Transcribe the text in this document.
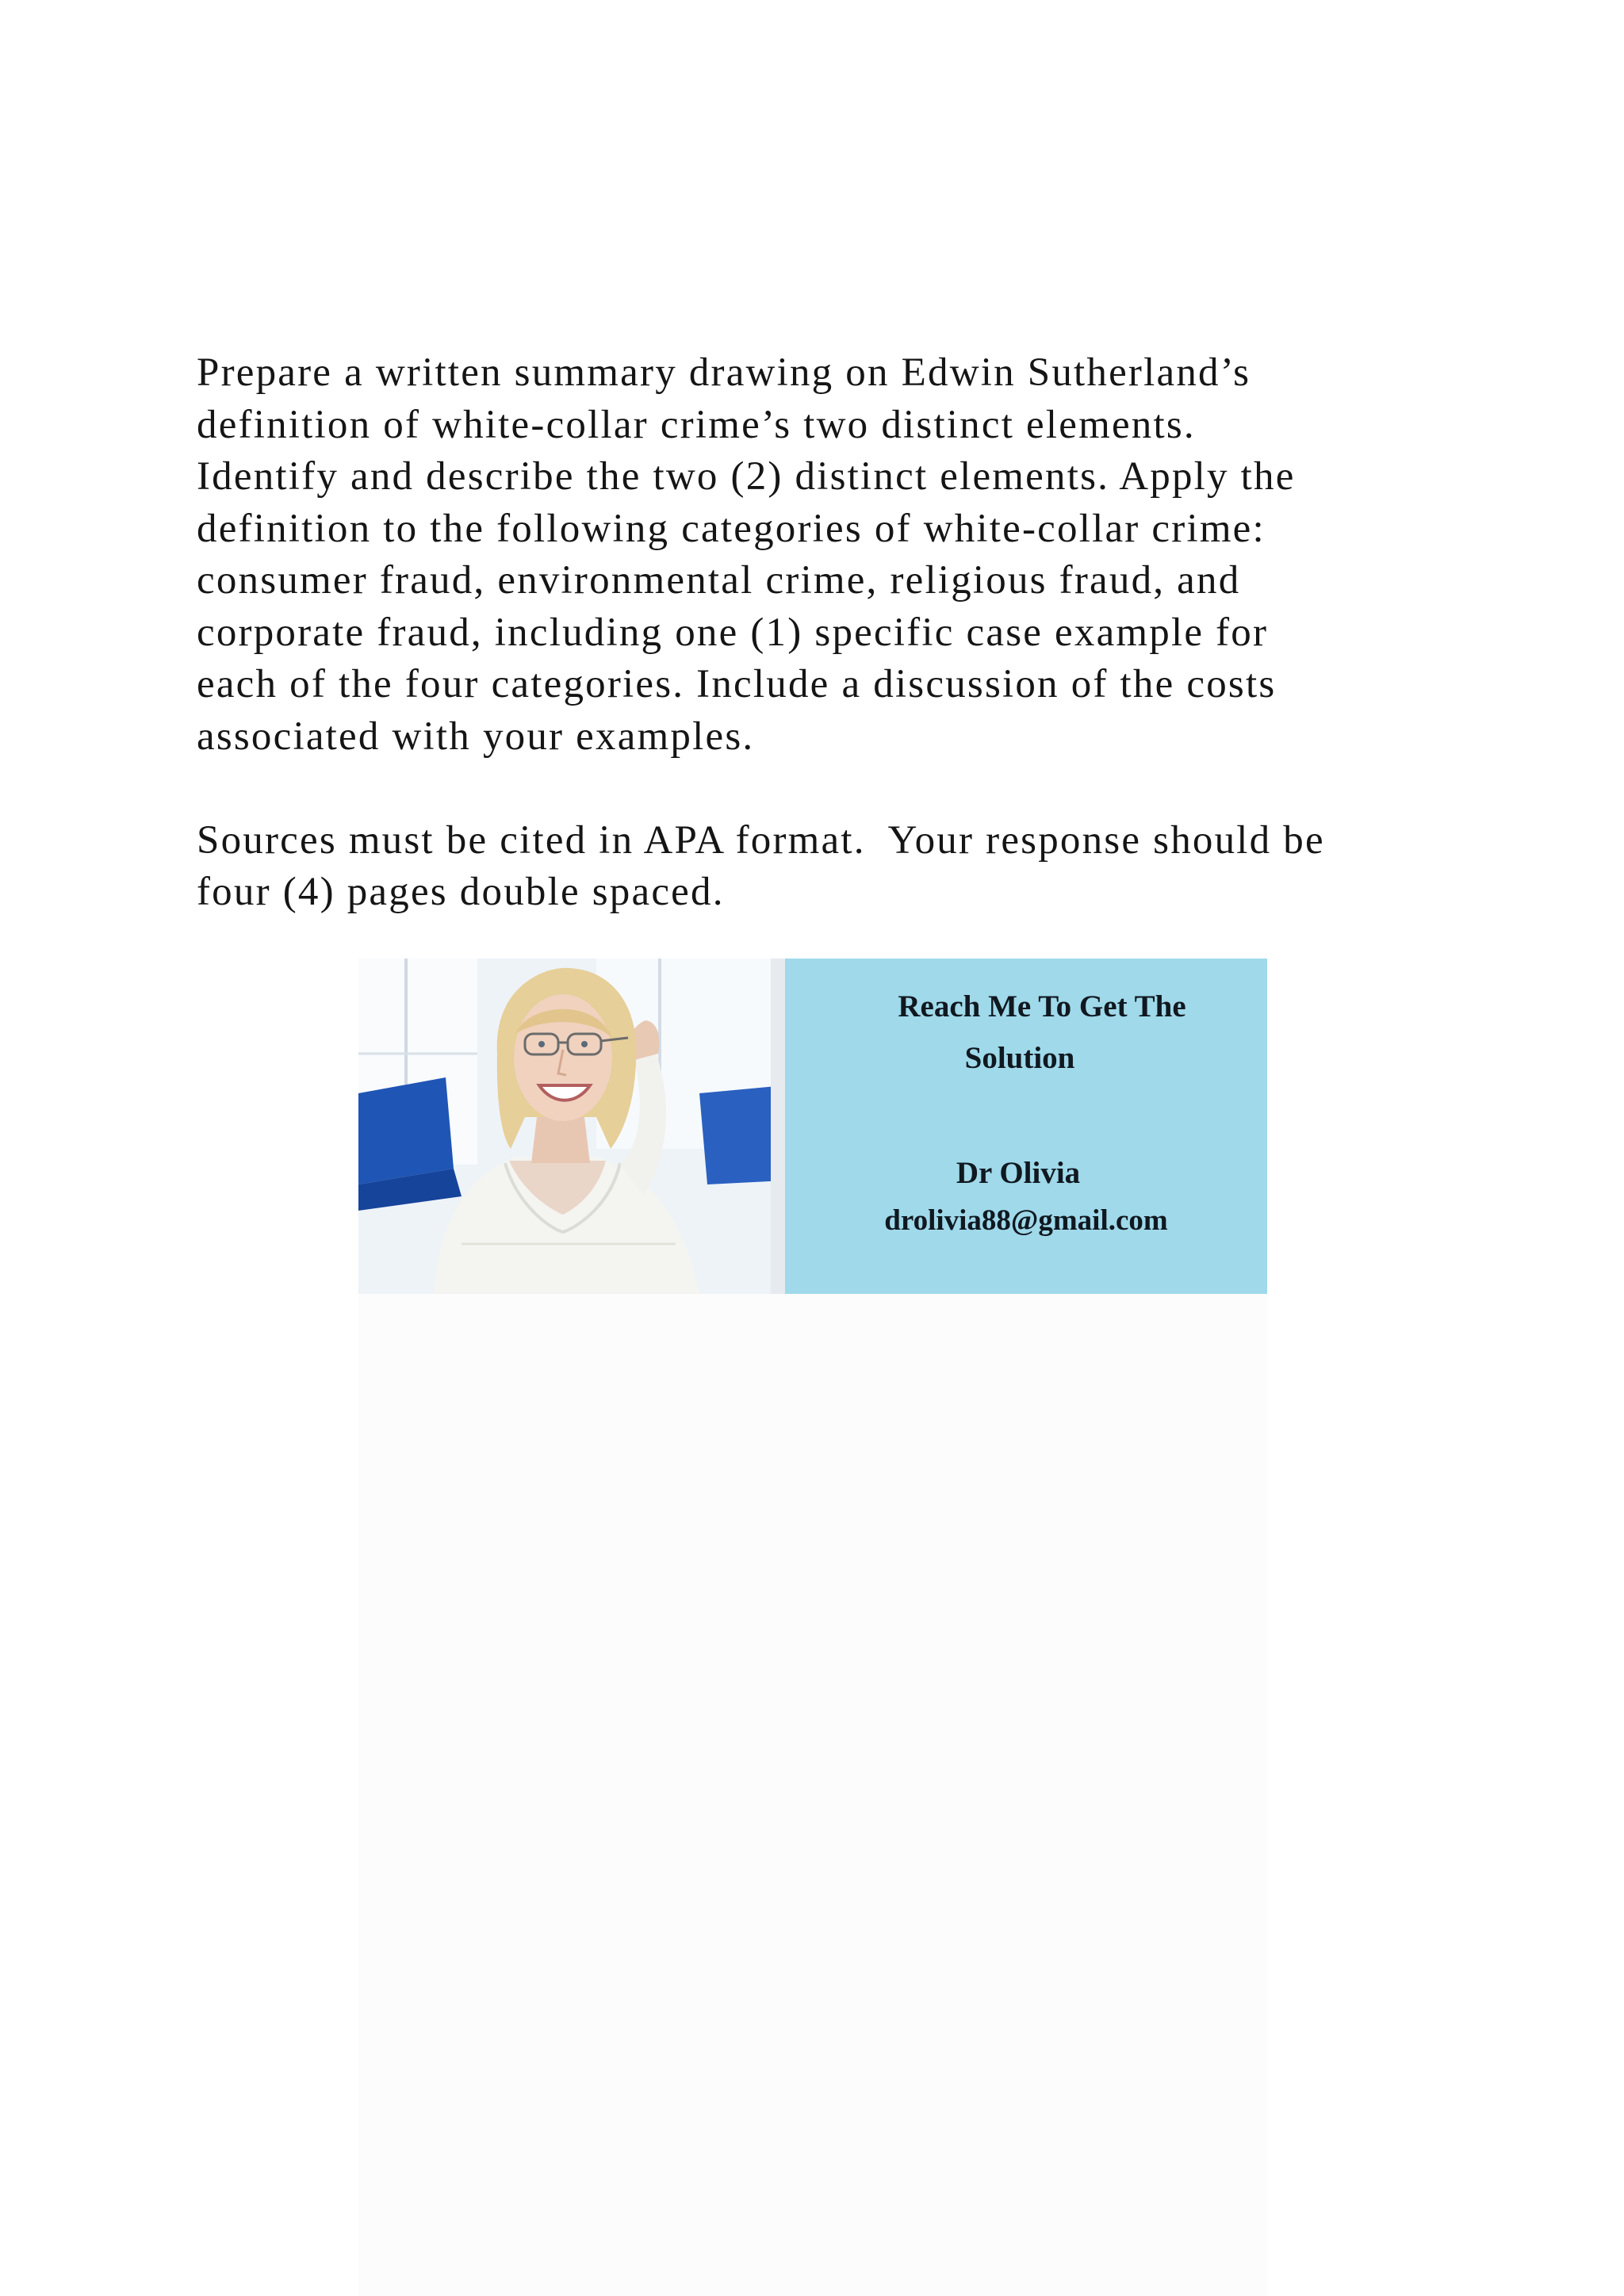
Prepare a written summary drawing on Edwin Sutherland’s
definition of white-collar crime’s two distinct elements.
Identify and describe the two (2) distinct elements. Apply the
definition to the following categories of white-collar crime:
consumer fraud, environmental crime, religious fraud, and
corporate fraud, including one (1) specific case example for
each of the four categories. Include a discussion of the costs
associated with your examples.

Sources must be cited in APA format.  Your response should be
four (4) pages double spaced.

Reach Me To Get The
Solution
Dr Olivia
drolivia88@gmail.com
